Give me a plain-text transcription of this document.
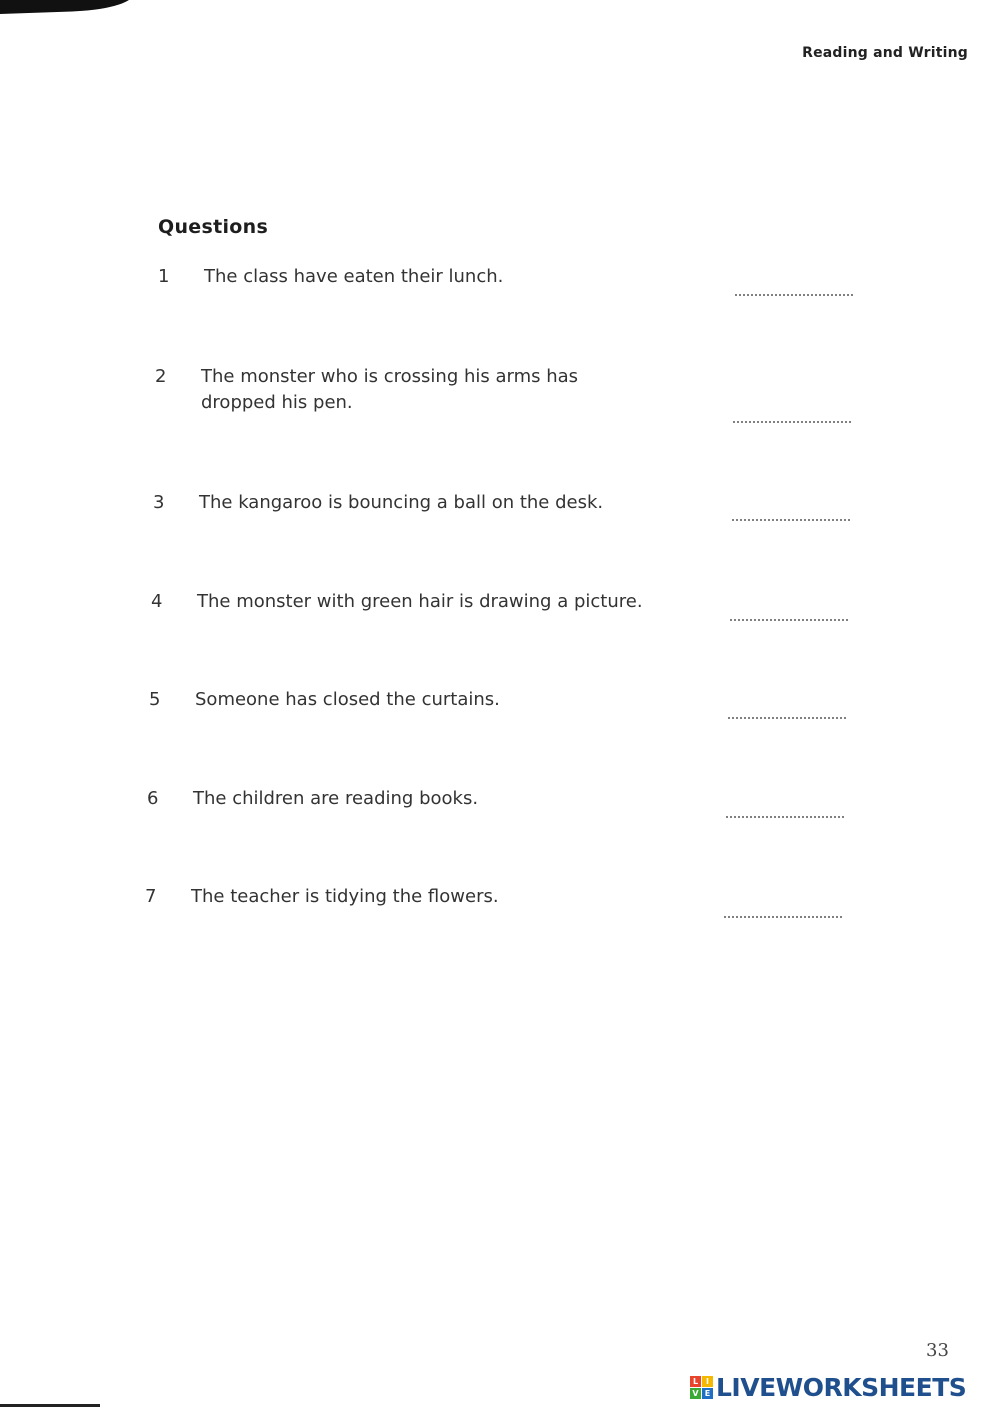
Reading and Writing
Questions
1	The class have eaten their lunch.
2	The monster who is crossing his arms has dropped his pen.
3	The kangaroo is bouncing a ball on the desk.
4	The monster with green hair is drawing a picture.
5	Someone has closed the curtains.
6	The children are reading books.
7	The teacher is tidying the flowers.
33
L I
V E LIVEWORKSHEETS
